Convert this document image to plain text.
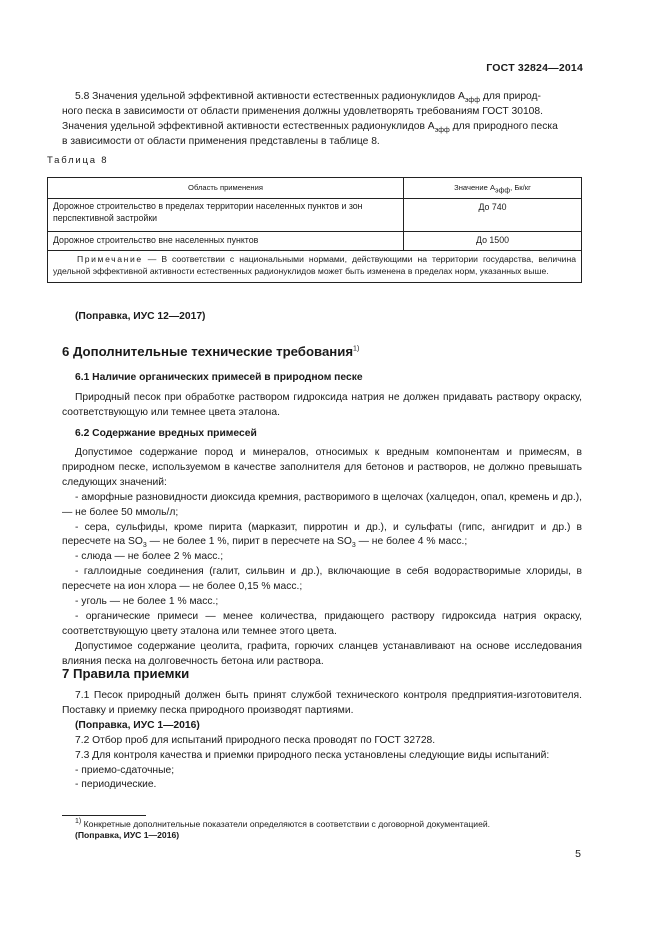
ГОСТ 32824—2014
5.8 Значения удельной эффективной активности естественных радионуклидов $А_{эфф}$ для природ-
ного песка в зависимости от области применения должны удовлетворять требованиям ГОСТ 30108.
Значения удельной эффективной активности естественных радионуклидов $А_{эфф}$ для природного песка
в зависимости от области применения представлены в таблице 8.
Таблица 8
Область применения	Значение $А_{эфф}$, Бк/кг
Дорожное строительство в пределах территории населенных пунктов и зон перспективной застройки	До 740
Дорожное строительство вне населенных пунктов	До 1500
Примечание — В соответствии с национальными нормами, действующими на территории государства, величина удельной эффективной активности естественных радионуклидов может быть изменена в пределах норм, указанных выше.	
(Поправка, ИУС 12—2017)
6 Дополнительные технические требования$^{1)}$
6.1 Наличие органических примесей в природном песке
Природный песок при обработке раствором гидроксида натрия не должен придавать раствору окраску, соответствующую или темнее цвета эталона.
6.2 Содержание вредных примесей
Допустимое содержание пород и минералов, относимых к вредным компонентам и примесям, в природном песке, используемом в качестве заполнителя для бетонов и растворов, не должно превышать следующих значений:
- аморфные разновидности диоксида кремния, растворимого в щелочах (халцедон, опал, кремень и др.), — не более 50 ммоль/л;
- сера, сульфиды, кроме пирита (марказит, пирротин и др.), и сульфаты (гипс, ангидрит и др.) в пересчете на $SO_3$ — не более 1 %, пирит в пересчете на $SO_3$ — не более 4 % масс.;
- слюда — не более 2 % масс.;
- галлоидные соединения (галит, сильвин и др.), включающие в себя водорастворимые хлориды, в пересчете на ион хлора — не более 0,15 % масс.;
- уголь — не более 1 % масс.;
- органические примеси — менее количества, придающего раствору гидроксида натрия окраску, соответствующую цвету эталона или темнее этого цвета.
Допустимое содержание цеолита, графита, горючих сланцев устанавливают на основе исследования влияния песка на долговечность бетона или раствора.
7 Правила приемки
7.1 Песок природный должен быть принят службой технического контроля предприятия-изготовителя. Поставку и приемку песка природного производят партиями.
(Поправка, ИУС 1—2016)
7.2 Отбор проб для испытаний природного песка проводят по ГОСТ 32728.
7.3 Для контроля качества и приемки природного песка установлены следующие виды испытаний:
- приемо-сдаточные;
- периодические.
$^{1)}$ Конкретные дополнительные показатели определяются в соответствии с договорной документацией.
(Поправка, ИУС 1—2016)
5
